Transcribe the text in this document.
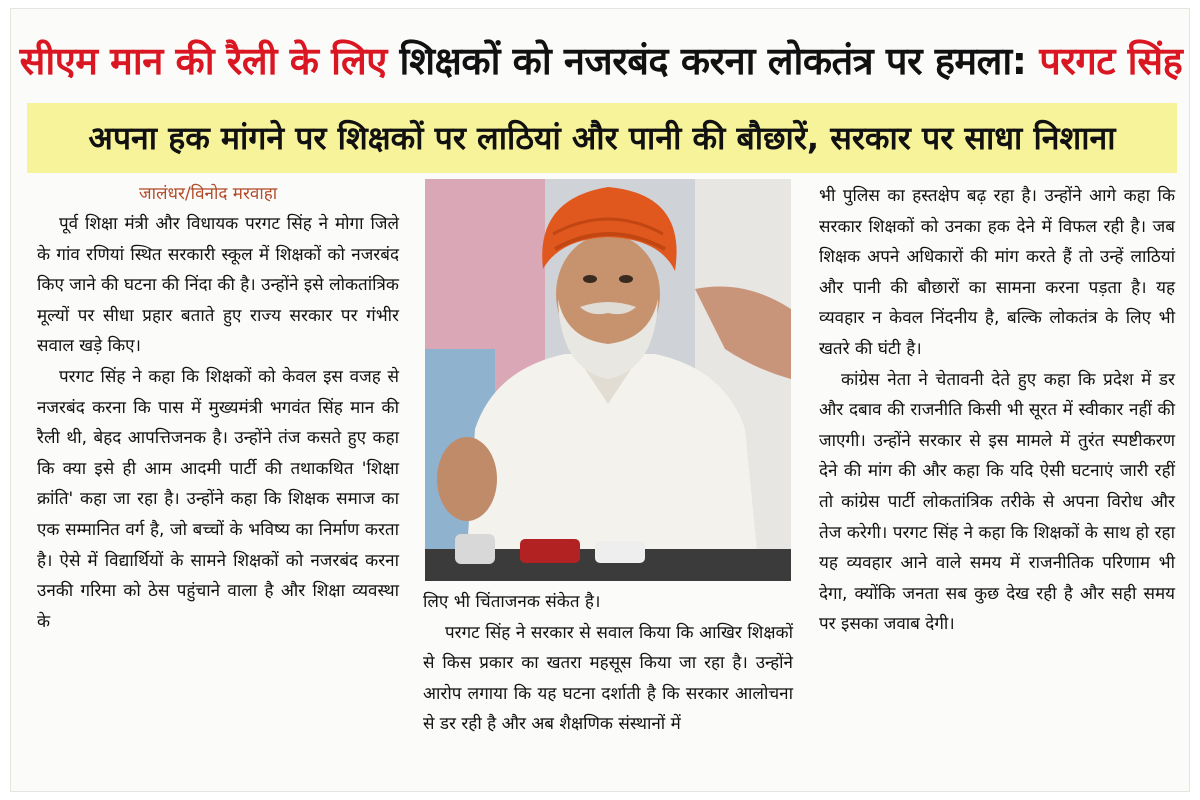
सीएम मान की रैली के लिए शिक्षकों को नजरबंद करना लोकतंत्र पर हमला: परगट सिंह
अपना हक मांगने पर शिक्षकों पर लाठियां और पानी की बौछारें, सरकार पर साधा निशाना

जालंधर/विनोद मरवाहा

पूर्व शिक्षा मंत्री और विधायक परगट सिंह ने मोगा जिले के गांव रणियां स्थित सरकारी स्कूल में शिक्षकों को नजरबंद किए जाने की घटना की निंदा की है। उन्होंने इसे लोकतांत्रिक मूल्यों पर सीधा प्रहार बताते हुए राज्य सरकार पर गंभीर सवाल खड़े किए।

परगट सिंह ने कहा कि शिक्षकों को केवल इस वजह से नजरबंद करना कि पास में मुख्यमंत्री भगवंत सिंह मान की रैली थी, बेहद आपत्तिजनक है। उन्होंने तंज कसते हुए कहा कि क्या इसे ही आम आदमी पार्टी की तथाकथित 'शिक्षा क्रांति' कहा जा रहा है। उन्होंने कहा कि शिक्षक समाज का एक सम्मानित वर्ग है, जो बच्चों के भविष्य का निर्माण करता है। ऐसे में विद्यार्थियों के सामने शिक्षकों को नजरबंद करना उनकी गरिमा को ठेस पहुंचाने वाला है और शिक्षा व्यवस्था के

लिए भी चिंताजनक संकेत है।

परगट सिंह ने सरकार से सवाल किया कि आखिर शिक्षकों से किस प्रकार का खतरा महसूस किया जा रहा है। उन्होंने आरोप लगाया कि यह घटना दर्शाती है कि सरकार आलोचना से डर रही है और अब शैक्षणिक संस्थानों में

भी पुलिस का हस्तक्षेप बढ़ रहा है। उन्होंने आगे कहा कि सरकार शिक्षकों को उनका हक देने में विफल रही है। जब शिक्षक अपने अधिकारों की मांग करते हैं तो उन्हें लाठियां और पानी की बौछारों का सामना करना पड़ता है। यह व्यवहार न केवल निंदनीय है, बल्कि लोकतंत्र के लिए भी खतरे की घंटी है।

कांग्रेस नेता ने चेतावनी देते हुए कहा कि प्रदेश में डर और दबाव की राजनीति किसी भी सूरत में स्वीकार नहीं की जाएगी। उन्होंने सरकार से इस मामले में तुरंत स्पष्टीकरण देने की मांग की और कहा कि यदि ऐसी घटनाएं जारी रहीं तो कांग्रेस पार्टी लोकतांत्रिक तरीके से अपना विरोध और तेज करेगी। परगट सिंह ने कहा कि शिक्षकों के साथ हो रहा यह व्यवहार आने वाले समय में राजनीतिक परिणाम भी देगा, क्योंकि जनता सब कुछ देख रही है और सही समय पर इसका जवाब देगी।
